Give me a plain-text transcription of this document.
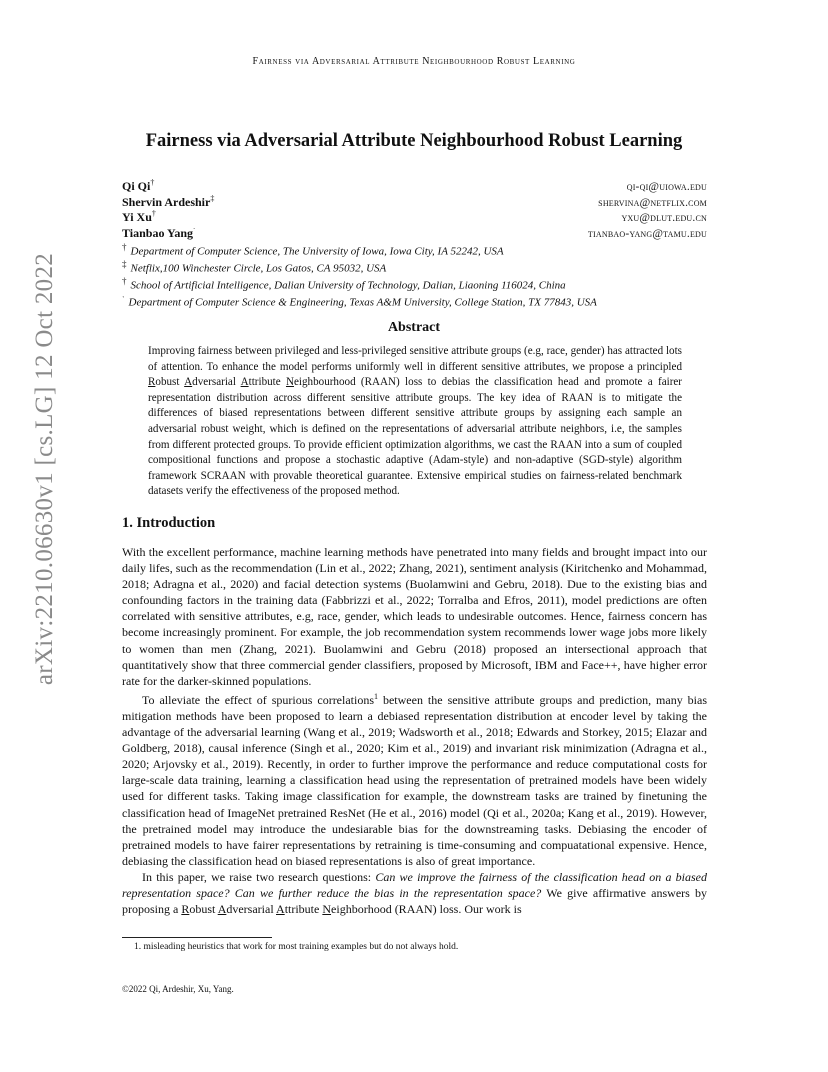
Fairness via Adversarial Attribute Neighbourhood Robust Learning
Fairness via Adversarial Attribute Neighbourhood Robust Learning
Qi Qi†	qi-qi@uiowa.edu
Shervin Ardeshir‡	shervina@netflix.com
Yi Xu†	yxu@dlut.edu.cn
Tianbao Yang$^ˑ$	tianbao-yang@tamu.edu
† Department of Computer Science, The University of Iowa, Iowa City, IA 52242, USA
‡ Netflix,100 Winchester Circle, Los Gatos, CA 95032, USA
† School of Artificial Intelligence, Dalian University of Technology, Dalian, Liaoning 116024, China
$^ˑ$ Department of Computer Science & Engineering, Texas A&M University, College Station, TX 77843, USA
Abstract
Improving fairness between privileged and less-privileged sensitive attribute groups (e.g, race, gender) has attracted lots of attention. To enhance the model performs uniformly well in different sensitive attributes, we propose a principled Robust Adversarial Attribute Neighbourhood (RAAN) loss to debias the classification head and promote a fairer representation distribution across different sensitive attribute groups. The key idea of RAAN is to mitigate the differences of biased representations between different sensitive attribute groups by assigning each sample an adversarial robust weight, which is defined on the representations of adversarial attribute neighbors, i.e, the samples from different protected groups. To provide efficient optimization algorithms, we cast the RAAN into a sum of coupled compositional functions and propose a stochastic adaptive (Adam-style) and non-adaptive (SGD-style) algorithm framework SCRAAN with provable theoretical guarantee. Extensive empirical studies on fairness-related benchmark datasets verify the effectiveness of the proposed method.
1. Introduction

With the excellent performance, machine learning methods have penetrated into many fields and brought impact into our daily lifes, such as the recommendation (Lin et al., 2022; Zhang, 2021), sentiment analysis (Kiritchenko and Mohammad, 2018; Adragna et al., 2020) and facial detection systems (Buolamwini and Gebru, 2018). Due to the existing bias and confounding factors in the training data (Fabbrizzi et al., 2022; Torralba and Efros, 2011), model predictions are often correlated with sensitive attributes, e.g, race, gender, which leads to undesirable outcomes. Hence, fairness concern has become increasingly prominent. For example, the job recommendation system recommends lower wage jobs more likely to women than men (Zhang, 2021). Buolamwini and Gebru (2018) proposed an intersectional approach that quantitatively show that three commercial gender classifiers, proposed by Microsoft, IBM and Face++, have higher error rate for the darker-skinned populations.

To alleviate the effect of spurious correlations$^1$ between the sensitive attribute groups and prediction, many bias mitigation methods have been proposed to learn a debiased representation distribution at encoder level by taking the advantage of the adversarial learning (Wang et al., 2019; Wadsworth et al., 2018; Edwards and Storkey, 2015; Elazar and Goldberg, 2018), causal inference (Singh et al., 2020; Kim et al., 2019) and invariant risk minimization (Adragna et al., 2020; Arjovsky et al., 2019). Recently, in order to further improve the performance and reduce computational costs for large-scale data training, learning a classification head using the representation of pretrained models have been widely used for different tasks. Taking image classification for example, the downstream tasks are trained by finetuning the classification head of ImageNet pretrained ResNet (He et al., 2016) model (Qi et al., 2020a; Kang et al., 2019). However, the pretrained model may introduce the undesiarable bias for the downstreaming tasks. Debiasing the encoder of pretrained models to have fairer representations by retraining is time-consuming and compuatational expensive. Hence, debiasing the classification head on biased representations is also of great importance.

In this paper, we raise two research questions: Can we improve the fairness of the classification head on a biased representation space? Can we further reduce the bias in the representation space? We give affirmative answers by proposing a Robust Adversarial Attribute Neighborhood (RAAN) loss. Our work is

1. misleading heuristics that work for most training examples but do not always hold.
©2022 Qi, Ardeshir, Xu, Yang.
arXiv:2210.06630v1 [cs.LG] 12 Oct 2022
